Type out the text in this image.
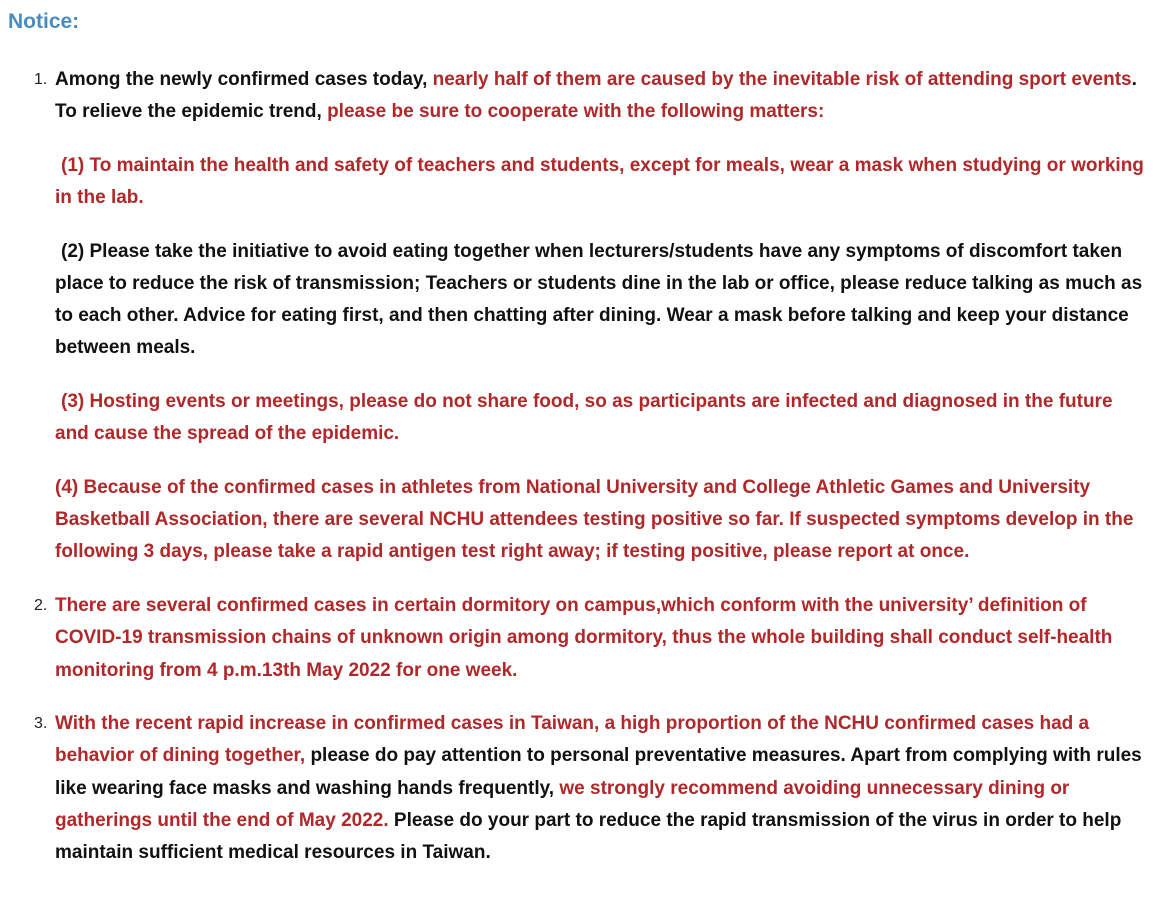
Notice:
1. Among the newly confirmed cases today, nearly half of them are caused by the inevitable risk of attending sport events. To relieve the epidemic trend, please be sure to cooperate with the following matters:
(1) To maintain the health and safety of teachers and students, except for meals, wear a mask when studying or working in the lab.
(2) Please take the initiative to avoid eating together when lecturers/students have any symptoms of discomfort taken place to reduce the risk of transmission; Teachers or students dine in the lab or office, please reduce talking as much as to each other. Advice for eating first, and then chatting after dining. Wear a mask before talking and keep your distance between meals.
(3) Hosting events or meetings, please do not share food, so as participants are infected and diagnosed in the future and cause the spread of the epidemic.
(4) Because of the confirmed cases in athletes from National University and College Athletic Games and University Basketball Association, there are several NCHU attendees testing positive so far. If suspected symptoms develop in the following 3 days, please take a rapid antigen test right away; if testing positive, please report at once.
2. There are several confirmed cases in certain dormitory on campus,which conform with the university’ definition of COVID-19 transmission chains of unknown origin among dormitory, thus the whole building shall conduct self-health monitoring from 4 p.m.13th May 2022 for one week.
3. With the recent rapid increase in confirmed cases in Taiwan, a high proportion of the NCHU confirmed cases had a behavior of dining together, please do pay attention to personal preventative measures. Apart from complying with rules like wearing face masks and washing hands frequently, we strongly recommend avoiding unnecessary dining or gatherings until the end of May 2022. Please do your part to reduce the rapid transmission of the virus in order to help maintain sufficient medical resources in Taiwan.
